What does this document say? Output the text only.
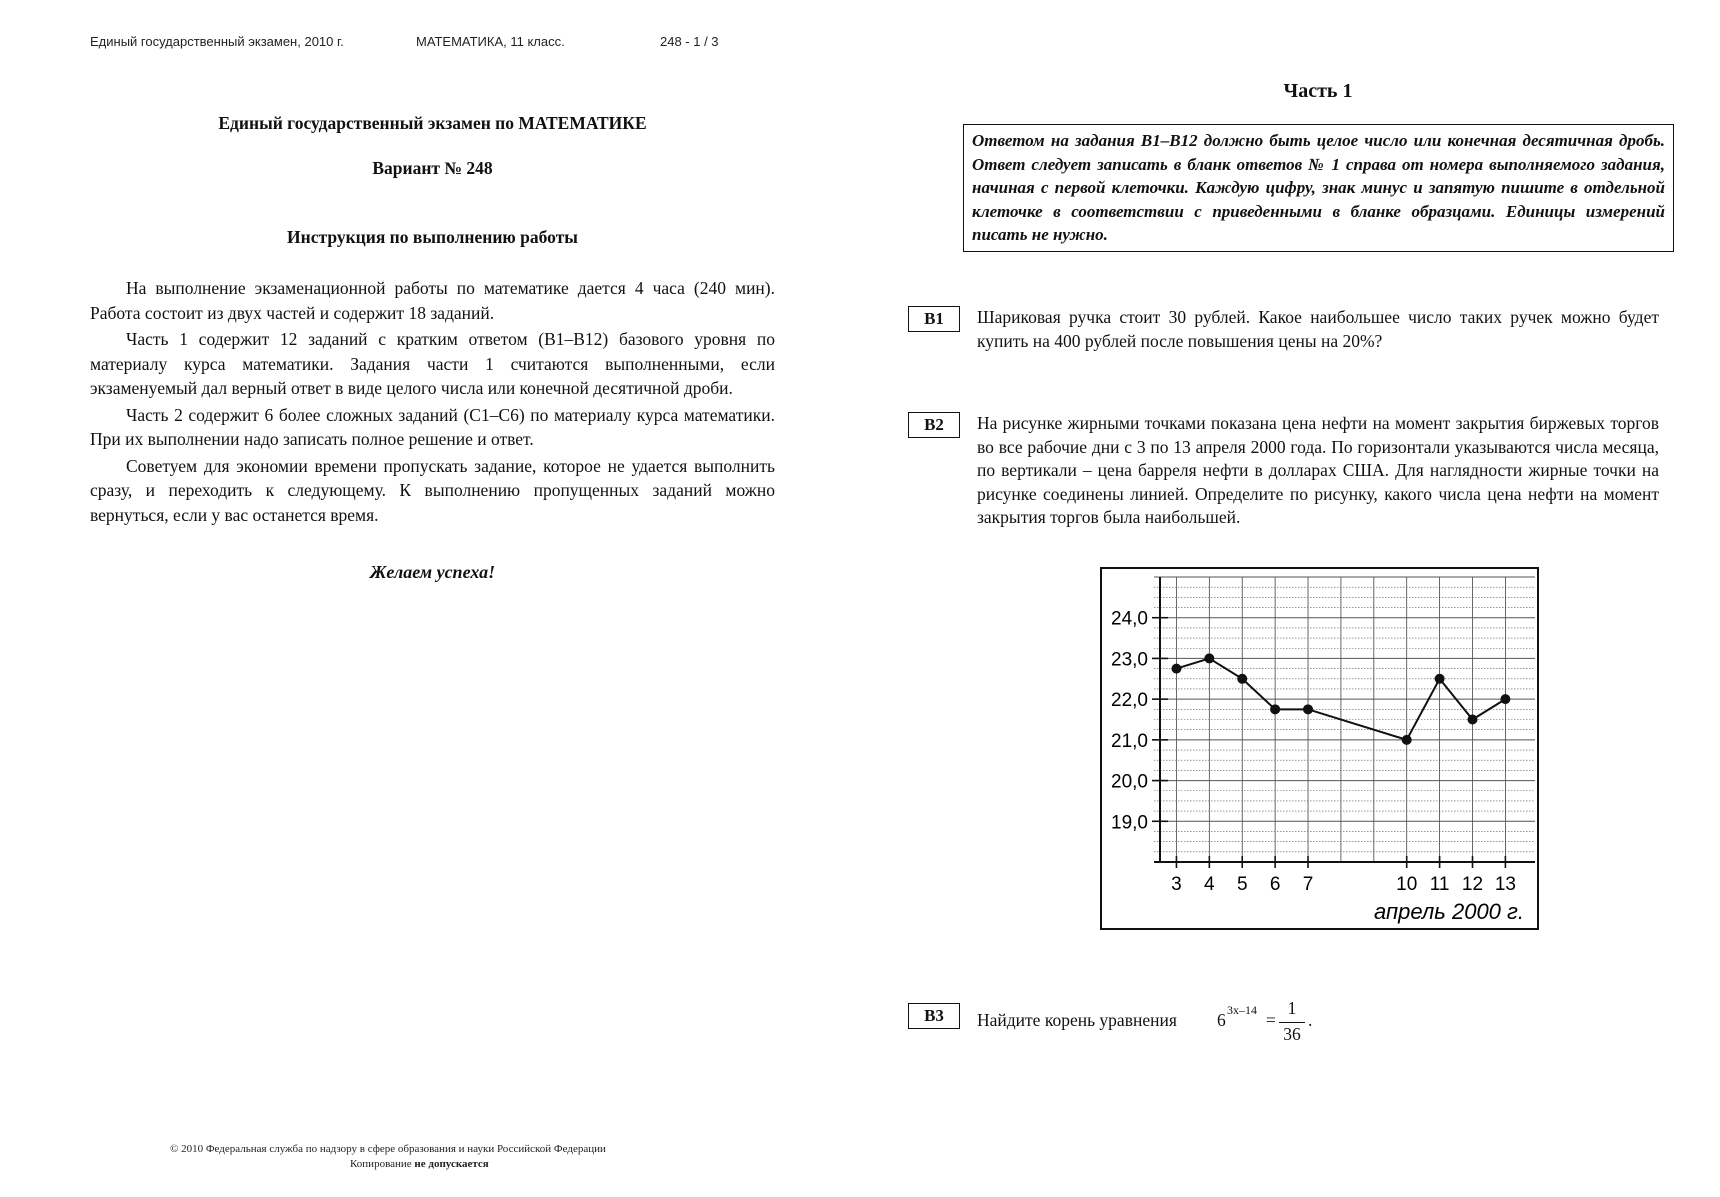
Единый государственный экзамен, 2010 г.	МАТЕМАТИКА, 11 класс.	248 - 1 / 3
Единый государственный экзамен по МАТЕМАТИКЕ
Вариант № 248
Инструкция по выполнению работы

На выполнение экзаменационной работы по математике дается 4 часа (240 мин). Работа состоит из двух частей и содержит 18 заданий.

Часть 1 содержит 12 заданий с кратким ответом (B1–B12) базового уровня по материалу курса математики. Задания части 1 считаются выполненными, если экзаменуемый дал верный ответ в виде целого числа или конечной десятичной дроби.

Часть 2 содержит 6 более сложных заданий (C1–C6) по материалу курса математики. При их выполнении надо записать полное решение и ответ.

Советуем для экономии времени пропускать задание, которое не удается выполнить сразу, и переходить к следующему. К выполнению пропущенных заданий можно вернуться, если у вас останется время.

Желаем успеха!
© 2010 Федеральная служба по надзору в сфере образования и науки Российской Федерации
Копирование не допускается
Часть 1
Ответом на задания B1–B12 должно быть целое число или конечная десятичная дробь. Ответ следует записать в бланк ответов № 1 справа от номера выполняемого задания, начиная с первой клеточки. Каждую цифру, знак минус и запятую пишите в отдельной клеточке в соответствии с приведенными в бланке образцами. Единицы измерений писать не нужно.
B1	Шариковая ручка стоит 30 рублей. Какое наибольшее число таких ручек можно будет купить на 400 рублей после повышения цены на 20%?
B2	На рисунке жирными точками показана цена нефти на момент закрытия биржевых торгов во все рабочие дни с 3 по 13 апреля 2000 года. По горизонтали указываются числа месяца, по вертикали – цена барреля нефти в долларах США. Для наглядности жирные точки на рисунке соединены линией. Определите по рисунку, какого числа цена нефти на момент закрытия торгов была наибольшей.
24,0
23,0
22,0
21,0
20,0
19,0
3 4 5 6 7	10 11 12 13
апрель 2000 г.
B3	Найдите корень уравнения 6 3x–14 =
1
36
.
